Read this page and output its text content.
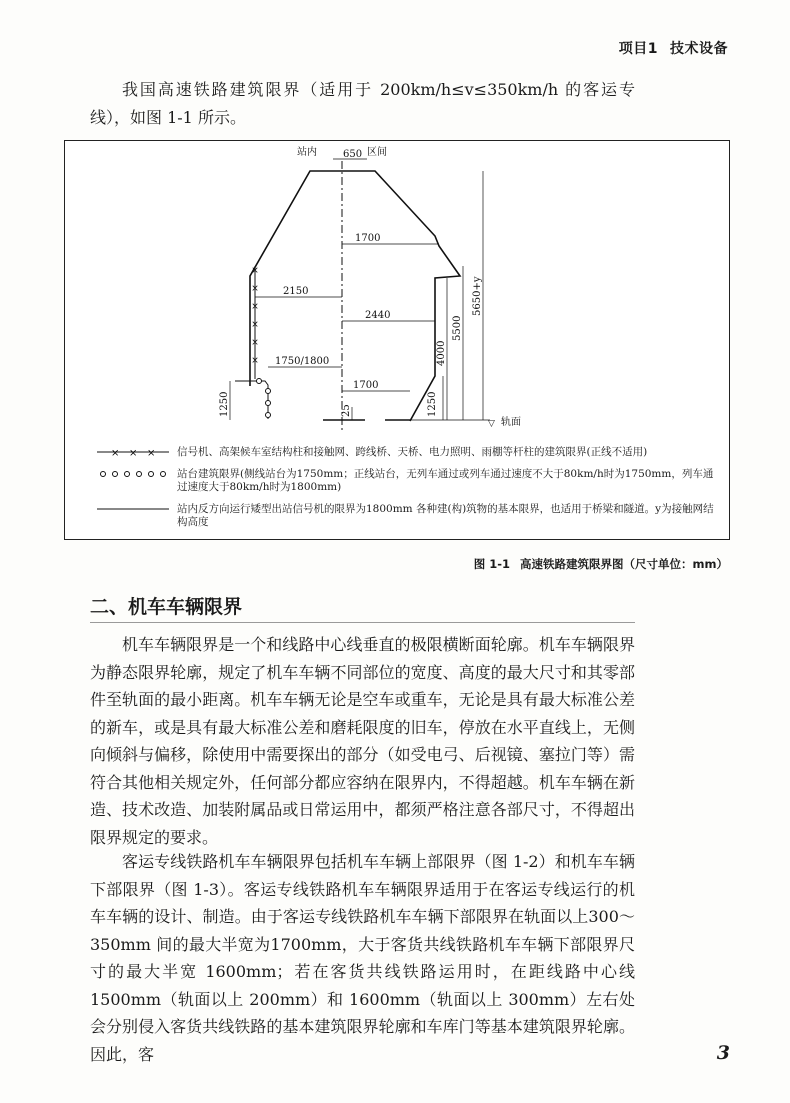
项目1 技术设备

我国高速铁路建筑限界（适用于 200km/h≤v≤350km/h 的客运专线），如图 1-1 所示。

×
×
×
×
×
×
▽ 轨面
站内	650 区间
1700
2150
2440
1750/1800
1700
1250	25
4000
1250
5500
5650+y
× × × 信号机、高架候车室结构柱和接触网、跨线桥、天桥、电力照明、雨棚等杆柱的建筑限界(正线不适用)

站台建筑限界(侧线站台为1750mm；正线站台，无列车通过或列车通过速度不大于80km/h时为1750mm，列车通过速度大于80km/h时为1800mm)

站内反方向运行矮型出站信号机的限界为1800mm 各种建(构)筑物的基本限界，也适用于桥梁和隧道。y为接触网结构高度

图 1-1 高速铁路建筑限界图（尺寸单位：mm）
二、机车车辆限界

机车车辆限界是一个和线路中心线垂直的极限横断面轮廓。机车车辆限界为静态限界轮廓，规定了机车车辆不同部位的宽度、高度的最大尺寸和其零部件至轨面的最小距离。机车车辆无论是空车或重车，无论是具有最大标准公差的新车，或是具有最大标准公差和磨耗限度的旧车，停放在水平直线上，无侧向倾斜与偏移，除使用中需要探出的部分（如受电弓、后视镜、塞拉门等）需符合其他相关规定外，任何部分都应容纳在限界内，不得超越。机车车辆在新造、技术改造、加装附属品或日常运用中，都须严格注意各部尺寸，不得超出限界规定的要求。

客运专线铁路机车车辆限界包括机车车辆上部限界（图 1-2）和机车车辆下部限界（图 1-3）。客运专线铁路机车车辆限界适用于在客运专线运行的机车车辆的设计、制造。由于客运专线铁路机车车辆下部限界在轨面以上300～350mm 间的最大半宽为1700mm，大于客货共线铁路机车车辆下部限界尺寸的最大半宽 1600mm；若在客货共线铁路运用时，在距线路中心线1500mm（轨面以上 200mm）和 1600mm（轨面以上 300mm）左右处会分别侵入客货共线铁路的基本建筑限界轮廓和车库门等基本建筑限界轮廓。因此，客	3
